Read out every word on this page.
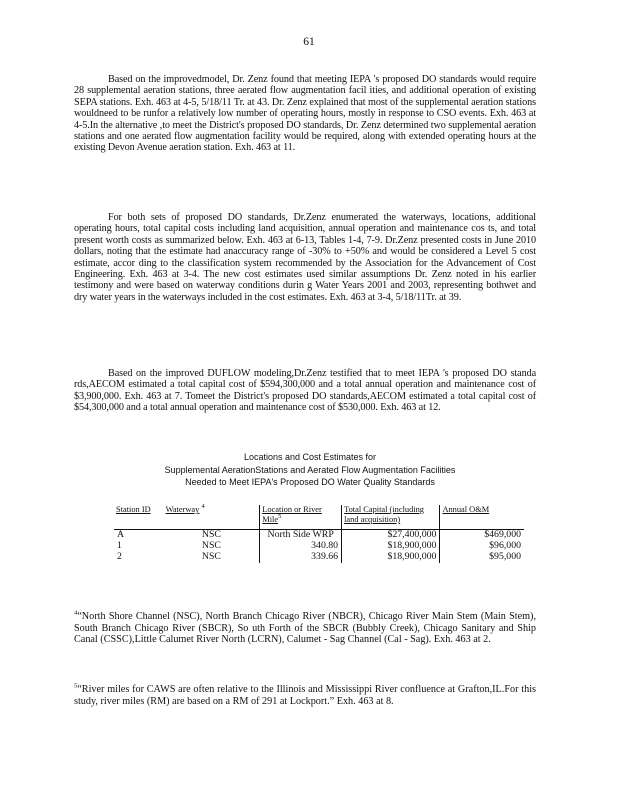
61

Based on the improvedmodel, Dr. Zenz found that meeting IEPA 's proposed DO standards would require 28 supplemental aeration stations, three aerated flow augmentation facil ities, and additional operation of existing SEPA stations. Exh. 463 at 4-5, 5/18/11 Tr. at 43. Dr. Zenz explained that most of the supplemental aeration stations wouldneed to be runfor a relatively low number of operating hours, mostly in response to CSO events. Exh. 463 at 4-5.In the alternative ,to meet the District's proposed DO standards, Dr. Zenz determined two supplemental aeration stations and one aerated flow augmentation facility would be required, along with extended operating hours at the existing Devon Avenue aeration station. Exh. 463 at 11.

For both sets of proposed DO standards, Dr.Zenz enumerated the waterways, locations, additional operating hours, total capital costs including land acquisition, annual operation and maintenance cos ts, and total present worth costs as summarized below. Exh. 463 at 6-13, Tables 1-4, 7-9. Dr.Zenz presented costs in June 2010 dollars, noting that the estimate had anaccuracy range of -30% to +50% and would be considered a Level 5 cost estimate, accor ding to the classification system recommended by the Association for the Advancement of Cost Engineering. Exh. 463 at 3-4. The new cost estimates used similar assumptions Dr. Zenz noted in his earlier testimony and were based on waterway conditions durin g Water Years 2001 and 2003, representing bothwet and dry water years in the waterways included in the cost estimates. Exh. 463 at 3-4, 5/18/11Tr. at 39.

Based on the improved DUFLOW modeling,Dr.Zenz testified that to meet IEPA 's proposed DO standa rds,AECOM estimated a total capital cost of $594,300,000 and a total annual operation and maintenance cost of $3,900,000. Exh. 463 at 7. Tomeet the District's proposed DO standards,AECOM estimated a total capital cost of $54,300,000 and a total annual operation and maintenance cost of $530,000. Exh. 463 at 12.

Locations and Cost Estimates for
Supplemental AerationStations and Aerated Flow Augmentation Facilities
Needed to Meet IEPA's Proposed DO Water Quality Standards
Station ID	Waterway $^4$	Location or River Mile$^5$	Total Capital (including land acquisition)	Annual O&M
A	NSC	North Side WRP	$27,400,000	$469,000
1	NSC	340.80	$18,900,000	$96,000
2	NSC	339.66	$18,900,000	$95,000

$^4$“North Shore Channel (NSC), North Branch Chicago River (NBCR), Chicago River Main Stem (Main Stem), South Branch Chicago River (SBCR), So uth Forth of the SBCR (Bubbly Creek), Chicago Sanitary and Ship Canal (CSSC),Little Calumet River North (LCRN), Calumet - Sag Channel (Cal - Sag). Exh. 463 at 2.

$^5$“River miles for CAWS are often relative to the Illinois and Mississippi River confluence at Grafton,IL.For this study, river miles (RM) are based on a RM of 291 at Lockport.” Exh. 463 at 8.
